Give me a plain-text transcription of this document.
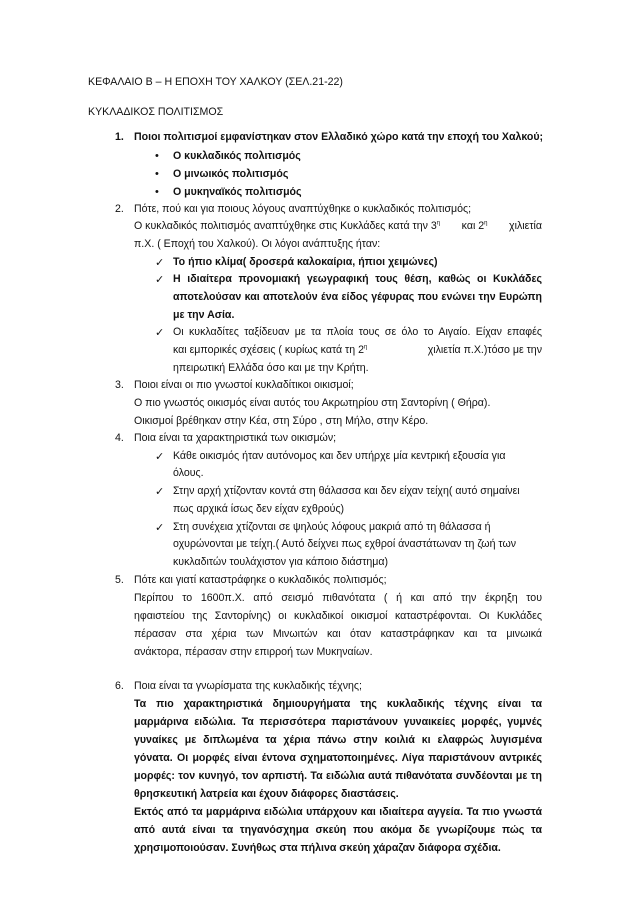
ΚΕΦΑΛΑΙΟ Β – Η ΕΠΟΧΗ ΤΟΥ ΧΑΛΚΟΥ (ΣΕΛ.21-22)
ΚΥΚΛΑΔΙΚΟΣ ΠΟΛΙΤΙΣΜΟΣ
1. Ποιοι πολιτισμοί εμφανίστηκαν στον Ελλαδικό χώρο κατά την εποχή του Χαλκού;
• Ο κυκλαδικός πολιτισμός
• Ο μινωικός πολιτισμός
• Ο μυκηναϊκός πολιτισμός
2. Πότε, πού και για ποιους λόγους αναπτύχθηκε ο κυκλαδικός πολιτισμός;
Ο κυκλαδικός πολιτισμός αναπτύχθηκε στις Κυκλάδες κατά την $3^\eta$ και $2^\eta$ χιλιετία
π.Χ. ( Εποχή του Χαλκού). Οι λόγοι ανάπτυξης ήταν:
✓ Το ήπιο κλίμα( δροσερά καλοκαίρια, ήπιοι χειμώνες)
✓ Η ιδιαίτερα προνομιακή γεωγραφική τους θέση, καθώς οι Κυκλάδες
αποτελούσαν και αποτελούν ένα είδος γέφυρας που ενώνει την Ευρώπη
με την Ασία.
✓ Οι κυκλαδίτες ταξίδευαν με τα πλοία τους σε όλο το Αιγαίο. Είχαν επαφές
και εμπορικές σχέσεις ( κυρίως κατά τη $2^\eta$	χιλιετία π.Χ.)τόσο με την
ηπειρωτική Ελλάδα όσο και με την Κρήτη.
3. Ποιοι είναι οι πιο γνωστοί κυκλαδίτικοι οικισμοί;
Ο πιο γνωστός οικισμός είναι αυτός του Ακρωτηρίου στη Σαντορίνη ( Θήρα).
Οικισμοί βρέθηκαν στην Κέα, στη Σύρο , στη Μήλο, στην Κέρο.
4. Ποια είναι τα χαρακτηριστικά των οικισμών;
✓ Κάθε οικισμός ήταν αυτόνομος και δεν υπήρχε μία κεντρική εξουσία για
όλους.
✓ Στην αρχή χτίζονταν κοντά στη θάλασσα και δεν είχαν τείχη( αυτό σημαίνει
πως αρχικά ίσως δεν είχαν εχθρούς)
✓ Στη συνέχεια χτίζονται σε ψηλούς λόφους μακριά από τη θάλασσα ή
οχυρώνονται με τείχη.( Αυτό δείχνει πως εχθροί άναστάτωναν τη ζωή των
κυκλαδιτών τουλάχιστον για κάποιο διάστημα)
5. Πότε και γιατί καταστράφηκε ο κυκλαδικός πολιτισμός;
Περίπου το 1600π.Χ. από σεισμό πιθανότατα ( ή και από την έκρηξη του
ηφαιστείου της Σαντορίνης) οι κυκλαδικοί οικισμοί καταστρέφονται. Οι Κυκλάδες
πέρασαν στα χέρια των Μινωιτών και όταν καταστράφηκαν και τα μινωικά
ανάκτορα, πέρασαν στην επιρροή των Μυκηναίων.
6. Ποια είναι τα γνωρίσματα της κυκλαδικής τέχνης;
Τα πιο χαρακτηριστικά δημιουργήματα της κυκλαδικής τέχνης είναι τα
μαρμάρινα ειδώλια. Τα περισσότερα παριστάνουν γυναικείες μορφές, γυμνές
γυναίκες με διπλωμένα τα χέρια πάνω στην κοιλιά κι ελαφρώς λυγισμένα
γόνατα. Οι μορφές είναι έντονα σχηματοποιημένες. Λίγα παριστάνουν αντρικές
μορφές: τον κυνηγό, τον αρπιστή. Τα ειδώλια αυτά πιθανότατα συνδέονται με τη
θρησκευτική λατρεία και έχουν διάφορες διαστάσεις.
Εκτός από τα μαρμάρινα ειδώλια υπάρχουν και ιδιαίτερα αγγεία. Τα πιο γνωστά
από αυτά είναι τα τηγανόσχημα σκεύη που ακόμα δε γνωρίζουμε πώς τα
χρησιμοποιούσαν. Συνήθως στα πήλινα σκεύη χάραζαν διάφορα σχέδια.
